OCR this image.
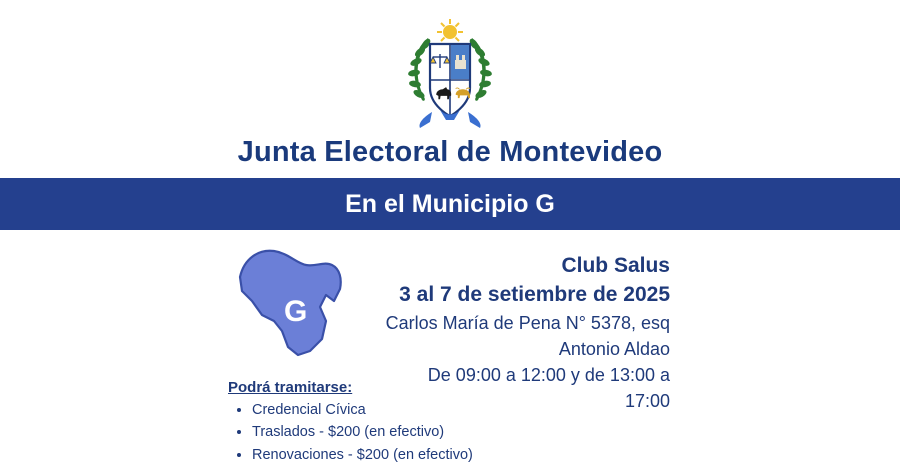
Junta Electoral de Montevideo
En el Municipio G
G
Club Salus
3 al 7 de setiembre de 2025
Carlos María de Pena N° 5378, esq
Antonio Aldao
De 09:00 a 12:00 y de 13:00 a 17:00
Podrá tramitarse:
• Credencial Cívica
• Traslados - $200 (en efectivo)
• Renovaciones - $200 (en efectivo)
